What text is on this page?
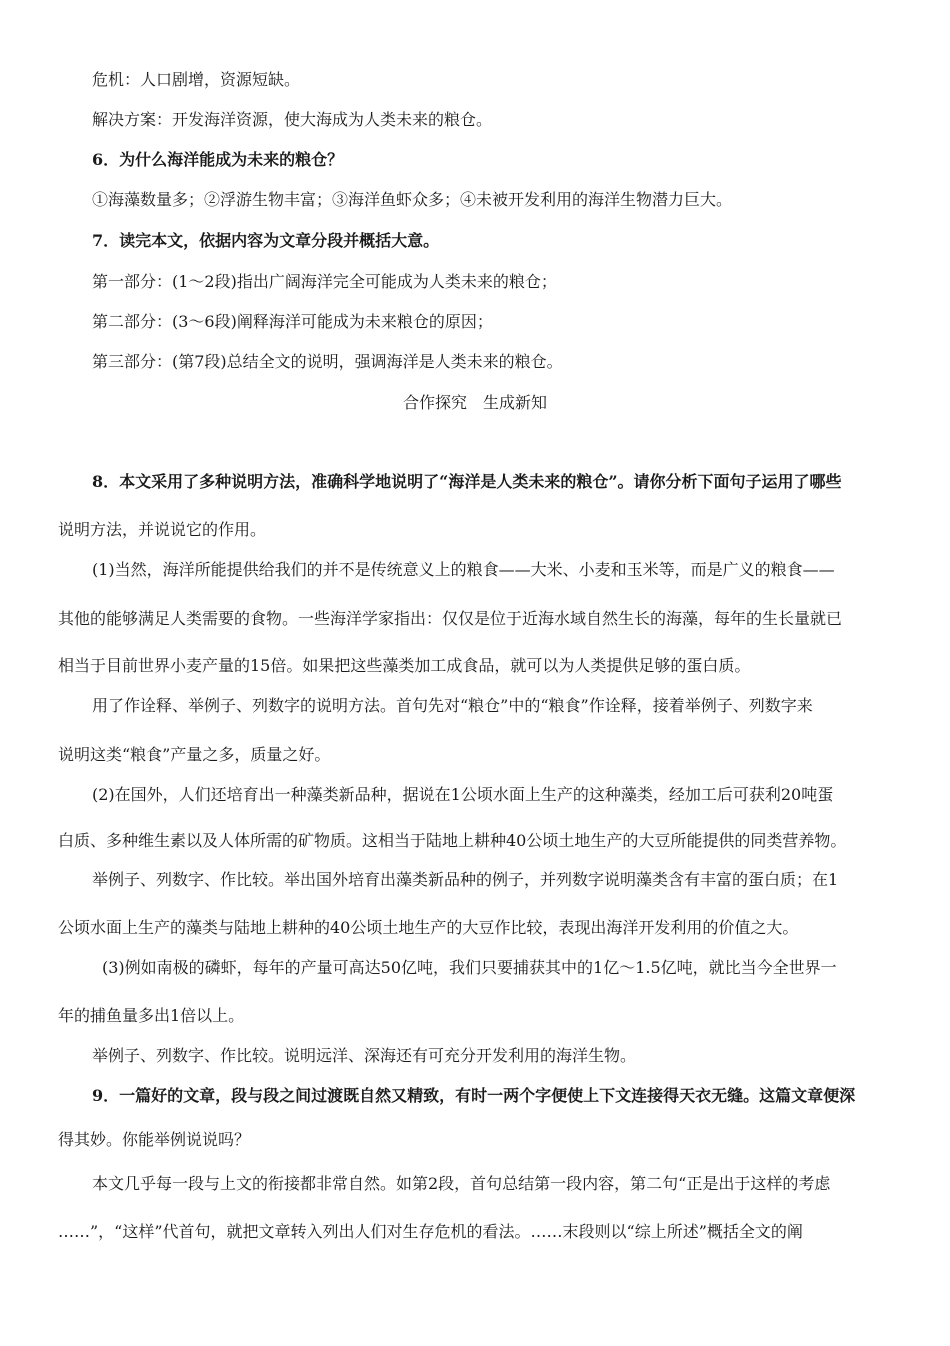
危机：人口剧增，资源短缺。
解决方案：开发海洋资源，使大海成为人类未来的粮仓。
6．为什么海洋能成为未来的粮仓？
①海藻数量多；②浮游生物丰富；③海洋鱼虾众多；④未被开发利用的海洋生物潜力巨大。
7．读完本文，依据内容为文章分段并概括大意。
第一部分：(1～2段)指出广阔海洋完全可能成为人类未来的粮仓；
第二部分：(3～6段)阐释海洋可能成为未来粮仓的原因；
第三部分：(第7段)总结全文的说明，强调海洋是人类未来的粮仓。
合作探究　生成新知
8．本文采用了多种说明方法，准确科学地说明了“海洋是人类未来的粮仓”。请你分析下面句子运用了哪些
说明方法，并说说它的作用。
(1)当然，海洋所能提供给我们的并不是传统意义上的粮食——大米、小麦和玉米等，而是广义的粮食——
其他的能够满足人类需要的食物。一些海洋学家指出：仅仅是位于近海水域自然生长的海藻，每年的生长量就已
相当于目前世界小麦产量的15倍。如果把这些藻类加工成食品，就可以为人类提供足够的蛋白质。
用了作诠释、举例子、列数字的说明方法。首句先对“粮仓”中的“粮食”作诠释，接着举例子、列数字来
说明这类“粮食”产量之多，质量之好。
(2)在国外，人们还培育出一种藻类新品种，据说在1公顷水面上生产的这种藻类，经加工后可获利20吨蛋
白质、多种维生素以及人体所需的矿物质。这相当于陆地上耕种40公顷土地生产的大豆所能提供的同类营养物。
举例子、列数字、作比较。举出国外培育出藻类新品种的例子，并列数字说明藻类含有丰富的蛋白质；在1
公顷水面上生产的藻类与陆地上耕种的40公顷土地生产的大豆作比较，表现出海洋开发利用的价值之大。
(3)例如南极的磷虾，每年的产量可高达50亿吨，我们只要捕获其中的1亿～1.5亿吨，就比当今全世界一
年的捕鱼量多出1倍以上。
举例子、列数字、作比较。说明远洋、深海还有可充分开发利用的海洋生物。
9．一篇好的文章，段与段之间过渡既自然又精致，有时一两个字便使上下文连接得天衣无缝。这篇文章便深
得其妙。你能举例说说吗？
本文几乎每一段与上文的衔接都非常自然。如第2段，首句总结第一段内容，第二句“正是出于这样的考虑
……”，“这样”代首句，就把文章转入列出人们对生存危机的看法。……末段则以“综上所述”概括全文的阐
